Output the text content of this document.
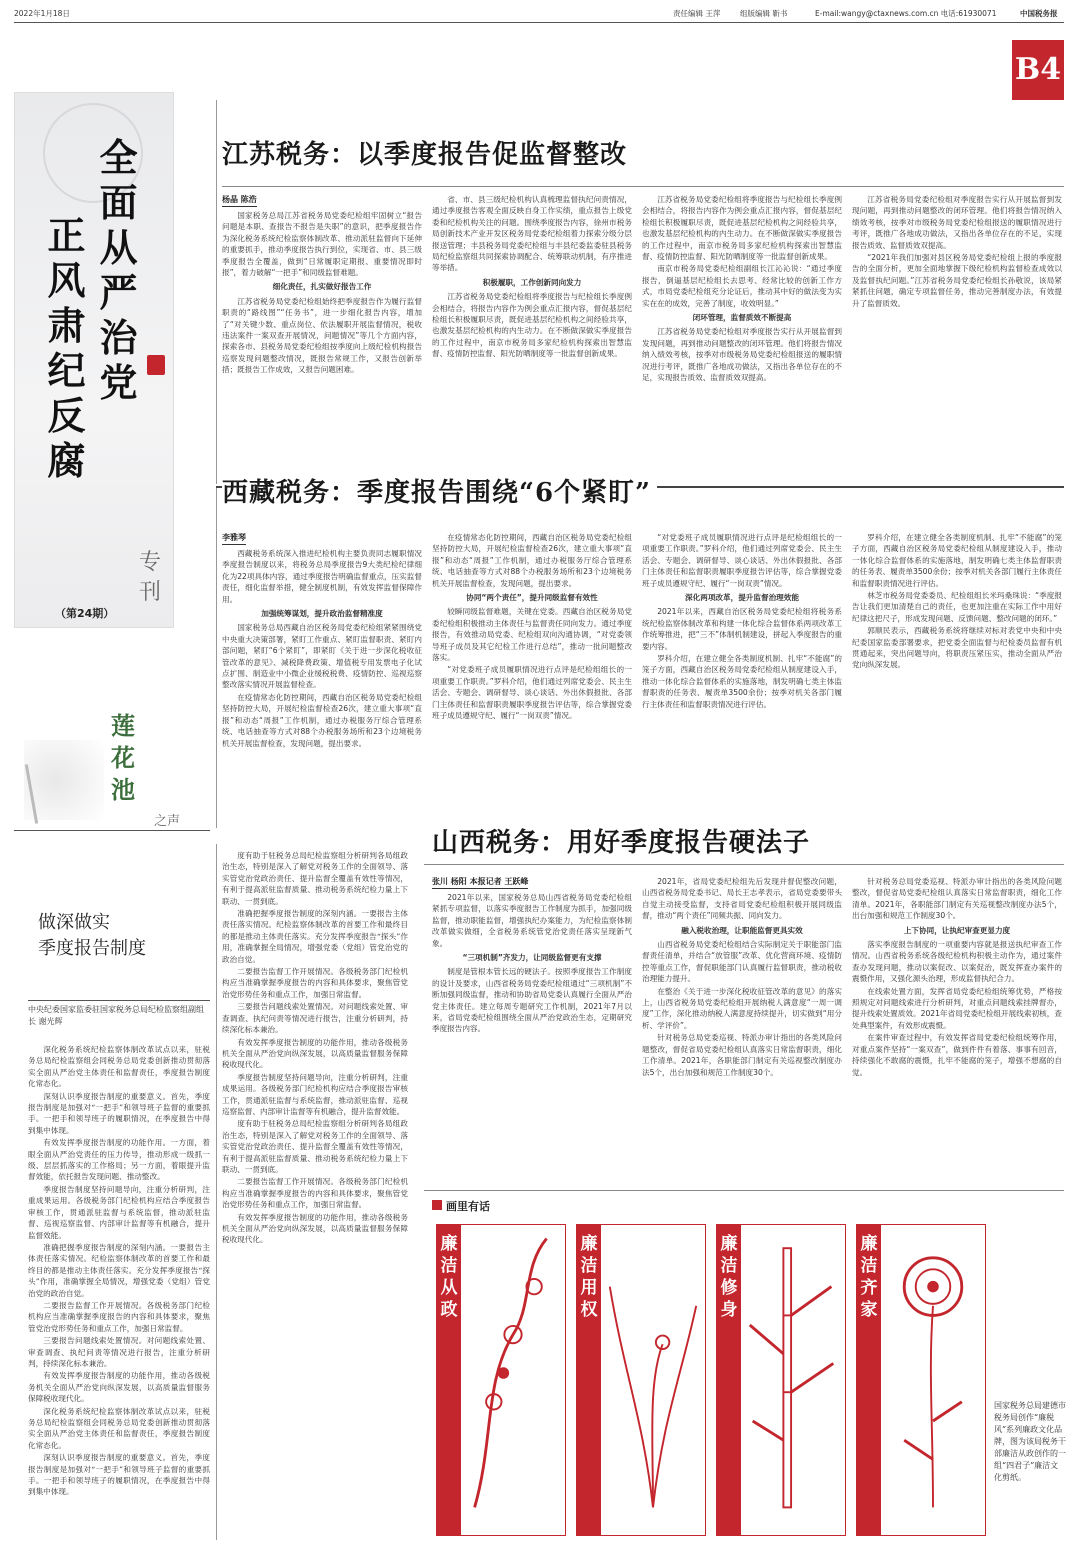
2022年1月18日	责任编辑 王萍	组版编辑 靳书	E-mail:wangy@ctaxnews.com.cn 电话:61930071	中国税务报
B4
全面从严治党
正风肃纪反腐
专刊
（第24期）
莲花池
之声
做深做实
季度报告制度
中央纪委国家监委驻国家税务总局纪检监察组副组长 谢光辉

深化税务系统纪检监察体制改革试点以来，驻税务总局纪检监察组会同税务总局党委创新推动贯彻落实全面从严治党主体责任和监督责任，季度报告制度化常态化。

深刻认识季度报告制度的重要意义。首先，季度报告制度是加强对“一把手”和领导班子监督的重要抓手。一把手和领导班子的履职情况，在季度报告中得到集中体现。

有效发挥季度报告制度的功能作用。一方面，着眼全面从严治党责任的压力传导，推动形成一级抓一级、层层抓落实的工作格局；另一方面，着眼提升监督效能，依托报告发现问题、推动整改。

季度报告制度坚持问题导向，注重分析研判，注重成果运用。各级税务部门纪检机构应结合季度报告审核工作，贯通派驻监督与系统监督，推动派驻监督、巡视巡察监督、内部审计监督等有机融合，提升监督效能。

准确把握季度报告制度的深刻内涵。一要报告主体责任落实情况。纪检监察体制改革的首要工作和最终目的都是推动主体责任落实。充分发挥季度报告“探头”作用，准确掌握全局情况，增强党委（党组）管党治党的政治自觉。

二要报告监督工作开展情况。各级税务部门纪检机构应当准确掌握季度报告的内容和具体要求，聚焦管党治党形势任务和重点工作，加强日常监督。

三要报告问题线索处置情况。对问题线索处置、审查调查、执纪问责等情况进行报告，注重分析研判，持续深化标本兼治。

有效发挥季度报告制度的功能作用，推动各级税务机关全面从严治党向纵深发展，以高质量监督服务保障税收现代化。

深化税务系统纪检监察体制改革试点以来，驻税务总局纪检监察组会同税务总局党委创新推动贯彻落实全面从严治党主体责任和监督责任，季度报告制度化常态化。

深刻认识季度报告制度的重要意义。首先，季度报告制度是加强对“一把手”和领导班子监督的重要抓手。一把手和领导班子的履职情况，在季度报告中得到集中体现。

度有助于驻税务总局纪检监察组分析研判各局组政治生态，特别是深入了解党对税务工作的全面领导、落实管党治党政治责任、提升监督全覆盖有效性等情况，有利于提高派驻监督质量、推动税务系统纪检力量上下联动、一贯到底。

准确把握季度报告制度的深刻内涵。一要报告主体责任落实情况。纪检监察体制改革的首要工作和最终目的都是推动主体责任落实。充分发挥季度报告“探头”作用，准确掌握全局情况，增强党委（党组）管党治党的政治自觉。

二要报告监督工作开展情况。各级税务部门纪检机构应当准确掌握季度报告的内容和具体要求，聚焦管党治党形势任务和重点工作，加强日常监督。

三要报告问题线索处置情况。对问题线索处置、审查调查、执纪问责等情况进行报告，注重分析研判，持续深化标本兼治。

有效发挥季度报告制度的功能作用，推动各级税务机关全面从严治党向纵深发展，以高质量监督服务保障税收现代化。

季度报告制度坚持问题导向，注重分析研判，注重成果运用。各级税务部门纪检机构应结合季度报告审核工作，贯通派驻监督与系统监督，推动派驻监督、巡视巡察监督、内部审计监督等有机融合，提升监督效能。

度有助于驻税务总局纪检监察组分析研判各局组政治生态，特别是深入了解党对税务工作的全面领导、落实管党治党政治责任、提升监督全覆盖有效性等情况，有利于提高派驻监督质量、推动税务系统纪检力量上下联动、一贯到底。

二要报告监督工作开展情况。各级税务部门纪检机构应当准确掌握季度报告的内容和具体要求，聚焦管党治党形势任务和重点工作，加强日常监督。

有效发挥季度报告制度的功能作用，推动各级税务机关全面从严治党向纵深发展，以高质量监督服务保障税收现代化。

江苏税务：以季度报告促监督整改
杨晶 陈浩

国家税务总局江苏省税务局党委纪检组牢固树立“报告问题是本职、查报告不报告是失职”的意识，把季度报告作为深化税务系统纪检监察体制改革、推动派驻监督向下延伸的重要抓手，推动季度报告执行到位，实现省、市、县三级季度报告全覆盖，做到“日常履职定期报、重要情况即时报”，着力破解“一把手”和同级监督难题。

细化责任，扎实做好报告工作

江苏省税务局党委纪检组始终把季度报告作为履行监督职责的“路线图”“任务书”，进一步细化报告内容，增加了“对关键少数、重点岗位、依法履职开展监督情况，税收违法案件一案双查开展情况，问题情况”等几个方面内容，探索各市、县税务局党委纪检组按季度向上级纪检机构报告巡察发现问题整改情况，既报告常规工作，又报告创新举措；既报告工作成效，又报告问题困难。

省、市、县三级纪检机构认真梳理监督执纪问责情况，通过季度报告客观全面反映自身工作实绩，重点报告上级党委和纪检机构关注的问题。围绕季度报告内容，徐州市税务局创新技术产业开发区税务局党委纪检组着力探索分级分层报送管理；丰县税务局党委纪检组与丰县纪委监委驻县税务局纪检监察组共同探索协调配合、统筹联动机制，有序推进等举措。

积极履职，工作创新同向发力

江苏省税务局党委纪检组将季度报告与纪检组长季度例会相结合，将报告内容作为例会重点汇报内容，督促基层纪检组长积极履职尽责，既促进基层纪检机构之间经验共享，也激发基层纪检机构的内生动力。在不断做深做实季度报告的工作过程中，南京市税务局多家纪检机构探索出智慧监督、疫情防控监督、阳光防晒制度等一批监督创新成果。

江苏省税务局党委纪检组将季度报告与纪检组长季度例会相结合，将报告内容作为例会重点汇报内容，督促基层纪检组长积极履职尽责，既促进基层纪检机构之间经验共享，也激发基层纪检机构的内生动力。在不断做深做实季度报告的工作过程中，南京市税务局多家纪检机构探索出智慧监督、疫情防控监督、阳光防晒制度等一批监督创新成果。

南京市税务局党委纪检组副组长江沁沁说：“通过季度报告，倒逼基层纪检组长去思考、经常比较的创新工作方式，市局党委纪检组充分论证后，推动其中好的做法变为实实在在的成效，完善了制度，收效明显。”

闭环管理，监督质效不断提高

江苏省税务局党委纪检组对季度报告实行从开展监督到发现问题，再到推动问题整改的闭环管理。他们将报告情况纳入绩效考核，按季对市级税务局党委纪检组报送的履职情况进行考评，既推广各地成功做法，又指出各单位存在的不足，实现报告质效、监督质效双提高。

江苏省税务局党委纪检组对季度报告实行从开展监督到发现问题，再到推动问题整改的闭环管理。他们将报告情况纳入绩效考核，按季对市级税务局党委纪检组报送的履职情况进行考评，既推广各地成功做法，又指出各单位存在的不足，实现报告质效、监督质效双提高。

“2021年我们加强对县区税务局党委纪检组上报的季度报告的全面分析，更加全面地掌握下级纪检机构监督检查成效以及监督执纪问题。”江苏省税务局党委纪检组长孙敬说，该局紧紧抓住问题，确定专项监督任务，推动完善制度办法，有效提升了监督质效。

西藏税务：季度报告围绕“6个紧盯”
李雅琴

西藏税务系统深入推进纪检机构主要负责同志履职情况季度报告制度以来，将税务总局季度报告9大类纪检纪律细化为22项具体内容，通过季度报告明确监督重点，压实监督责任，细化监督举措，健全制度机制，有效发挥监督保障作用。

加强统筹谋划，提升政治监督精准度

国家税务总局西藏自治区税务局党委纪检组紧紧围绕党中央重大决策部署，紧盯工作重点、紧盯监督职责、紧盯内部问题，紧盯“6个紧盯”，即紧盯《关于进一步深化税收征管改革的意见》、减税降费政策、增值税专用发票电子化试点扩围、制造业中小微企业缓税税费、疫情防控、巡视巡察整改落实情况开展监督检查。

在疫情常态化防控期间，西藏自治区税务局党委纪检组坚持防控大局，开展纪检监督检查26次，建立重大事项“直报”和动态“周报”工作机制，通过办税服务厅综合管理系统、电话抽查等方式对88个办税服务场所和23个边境税务机关开展监督检查，发现问题，提出要求。

在疫情常态化防控期间，西藏自治区税务局党委纪检组坚持防控大局，开展纪检监督检查26次，建立重大事项“直报”和动态“周报”工作机制，通过办税服务厅综合管理系统、电话抽查等方式对88个办税服务场所和23个边境税务机关开展监督检查，发现问题，提出要求。

协同“两个责任”，提升同级监督有效性

较瞬同级监督难题，关键在党委。西藏自治区税务局党委纪检组积极推动主体责任与监督责任同向发力。通过季度报告，有效推动局党委、纪检组双向沟通协调，“对党委领导班子成员及其它纪检工作进行总结”，推动一批问题整改落实。

“对党委班子成员履职情况进行点评是纪检组组长的一项重要工作职责。”罗科介绍，他们通过列席党委会、民主生活会、专题会、调研督导、谈心谈话、外出休假报批、各部门主体责任和监督职责履职季度报告评估等，综合掌握党委班子成员遵规守纪、履行“一岗双责”情况。

“对党委班子成员履职情况进行点评是纪检组组长的一项重要工作职责。”罗科介绍，他们通过列席党委会、民主生活会、专题会、调研督导、谈心谈话、外出休假报批、各部门主体责任和监督职责履职季度报告评估等，综合掌握党委班子成员遵规守纪、履行“一岗双责”情况。

深化两项改革，提升监督治理效能

2021年以来，西藏自治区税务局党委纪检组将税务系统纪检监察体制改革和构建一体化综合监督体系两项改革工作统筹推进，把“三不”体制机制建设，拼起入季度报告的重要内容。

罗科介绍，在建立健全各类制度机制、扎牢“不能腐”的笼子方面，西藏自治区税务局党委纪检组从制度建设入手，推动一体化综合监督体系的实施落地，制发明确七类主体监督职责的任务表、履责单3500余份；按季对机关各部门履行主体责任和监督职责情况进行评估。

罗科介绍，在建立健全各类制度机制、扎牢“不能腐”的笼子方面，西藏自治区税务局党委纪检组从制度建设入手，推动一体化综合监督体系的实施落地，制发明确七类主体监督职责的任务表、履责单3500余份；按季对机关各部门履行主体责任和监督职责情况进行评估。

林芝市税务局党委委员、纪检组组长米玛桑珠说：“季度报告让我们更加清楚自己的责任，也更加注重在实际工作中用好纪律这把尺子，形成发现问题、反馈问题、整改问题的闭环。”

郭顺民表示，西藏税务系统将继续对标对表党中央和中央纪委国家监委部署要求，把党委全面监督与纪检委员监督有机贯通起来，突出问题导向，将职责压紧压实，推动全面从严治党向纵深发展。

山西税务：用好季度报告硬法子
张川 杨阳 本报记者 王跃峰

2021年以来，国家税务总局山西省税务局党委纪检组紧抓专项监督，以落实季度报告工作制度为抓手，加强同级监督，推动职能监督，增强执纪办案能力，为纪检监察体制改革做实做细，全省税务系统管党治党责任落实呈现新气象。

“三项机制”齐发力，让同级监督更有支撑

制度是管根本管长远的硬法子。按照季度报告工作制度的设计及要求，山西省税务局党委纪检组通过“三项机制”不断加强同级监督，推动和协助省局党委认真履行全面从严治党主体责任。建立每周专题研究工作机制，2021年7月以来，省局党委纪检组围绕全面从严治党政治生态，定期研究季度报告内容。

2021年，省局党委纪检组先后发现并督促整改问题，山西省税务局党委书记、局长王志孝表示，省局党委要带头自觉主动接受监督，支持省局党委纪检组积极开展同级监督，推动“两个责任”同频共振、同向发力。

融入税收治理，让职能监督更具实效

山西省税务局党委纪检组结合实际制定关于职能部门监督责任清单，并结合“放管服”改革、优化营商环境、疫情防控等重点工作，督促职能部门认真履行监督职责，推动税收治理能力提升。

在整治《关于进一步深化税收征管改革的意见》的落实上，山西省税务局党委纪检组开展纳税人满意度“一周一调度”工作，深化推动纳税人满意度持续提升，切实做到“用分析、学评价”。

针对税务总局党委巡视、特派办审计指出的各类风险问题整改，督促省局党委纪检组认真落实日常监督职责，细化工作清单。2021年，各职能部门制定有关巡视整改制度办法5个，出台加强和规范工作制度30个。

针对税务总局党委巡视、特派办审计指出的各类风险问题整改，督促省局党委纪检组认真落实日常监督职责，细化工作清单。2021年，各职能部门制定有关巡视整改制度办法5个，出台加强和规范工作制度30个。

上下协同，让执纪审查更显力度

落实季度报告制度的一项重要内容就是报送执纪审查工作情况。山西省税务系统各级纪检机构积极主动作为，通过案件查办发现问题，推动以案促改、以案促治，既发挥查办案件的震慑作用，又强化源头治理，形成监督执纪合力。

在线索处置方面，发挥省局党委纪检组统筹优势，严格按照规定对问题线索进行分析研判，对重点问题线索挂牌督办，提升线索处置质效。2021年省局党委纪检组开展线索初核，查处典型案件，有效形成震慑。

在案件审查过程中，有效发挥省局党委纪检组统筹作用，对重点案件坚持“一案双查”，做到件件有着落、事事有回音，持续强化不敢腐的震慑，扎牢不能腐的笼子，增强不想腐的自觉。

画里有话
廉洁从政
廉洁用权
廉洁修身
廉洁齐家
国家税务总局建德市税务局创作“廉税风”系列廉政文化品牌，图为该局税务干部廉洁从政创作的一组“四君子”廉洁文化剪纸。
